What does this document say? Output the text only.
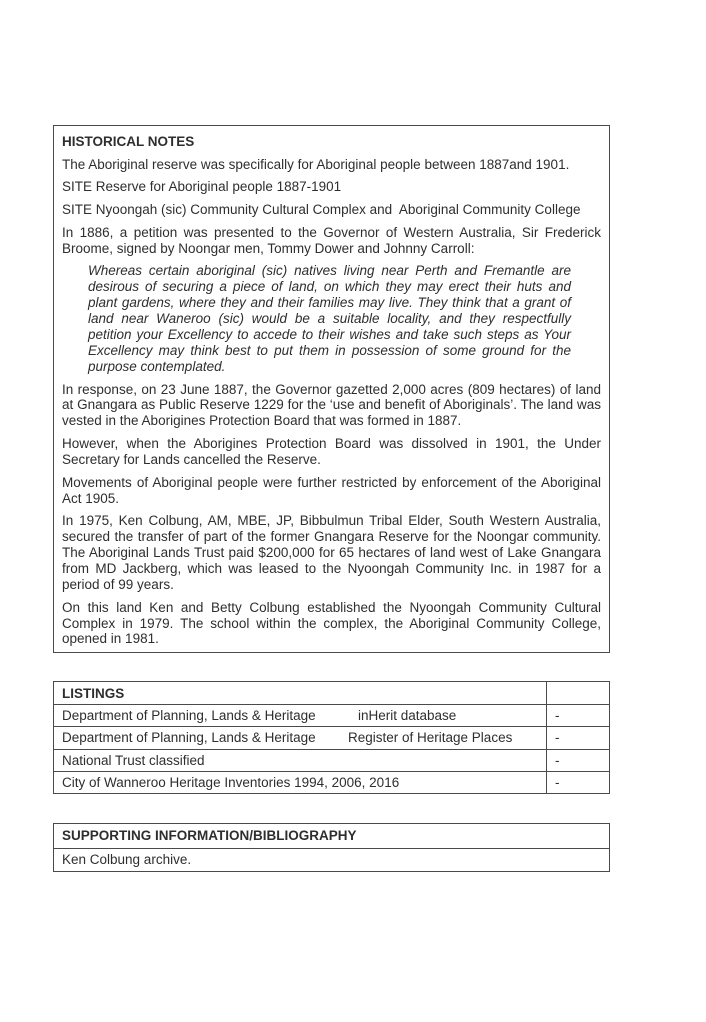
HISTORICAL NOTES

The Aboriginal reserve was specifically for Aboriginal people between 1887and 1901.

SITE Reserve for Aboriginal people 1887-1901

SITE Nyoongah (sic) Community Cultural Complex and  Aboriginal Community College

In 1886, a petition was presented to the Governor of Western Australia, Sir Frederick Broome, signed by Noongar men, Tommy Dower and Johnny Carroll:

Whereas certain aboriginal (sic) natives living near Perth and Fremantle are desirous of securing a piece of land, on which they may erect their huts and plant gardens, where they and their families may live. They think that a grant of land near Waneroo (sic) would be a suitable locality, and they respectfully petition your Excellency to accede to their wishes and take such steps as Your Excellency may think best to put them in possession of some ground for the purpose contemplated.

In response, on 23 June 1887, the Governor gazetted 2,000 acres (809 hectares) of land at Gnangara as Public Reserve 1229 for the ‘use and benefit of Aboriginals’. The land was vested in the Aborigines Protection Board that was formed in 1887.

However, when the Aborigines Protection Board was dissolved in 1901, the Under Secretary for Lands cancelled the Reserve.

Movements of Aboriginal people were further restricted by enforcement of the Aboriginal Act 1905.

In 1975, Ken Colbung, AM, MBE, JP, Bibbulmun Tribal Elder, South Western Australia, secured the transfer of part of the former Gnangara Reserve for the Noongar community. The Aboriginal Lands Trust paid $200,000 for 65 hectares of land west of Lake Gnangara from MD Jackberg, which was leased to the Nyoongah Community Inc. in 1987 for a period of 99 years.

On this land Ken and Betty Colbung established the Nyoongah Community Cultural Complex in 1979. The school within the complex, the Aboriginal Community College, opened in 1981.

LISTINGS
Department of Planning, Lands & Heritage	inHerit database	-
Department of Planning, Lands & Heritage	Register of Heritage Places	-
National Trust classified	-
City of Wanneroo Heritage Inventories 1994, 2006, 2016	-
SUPPORTING INFORMATION/BIBLIOGRAPHY
Ken Colbung archive.
